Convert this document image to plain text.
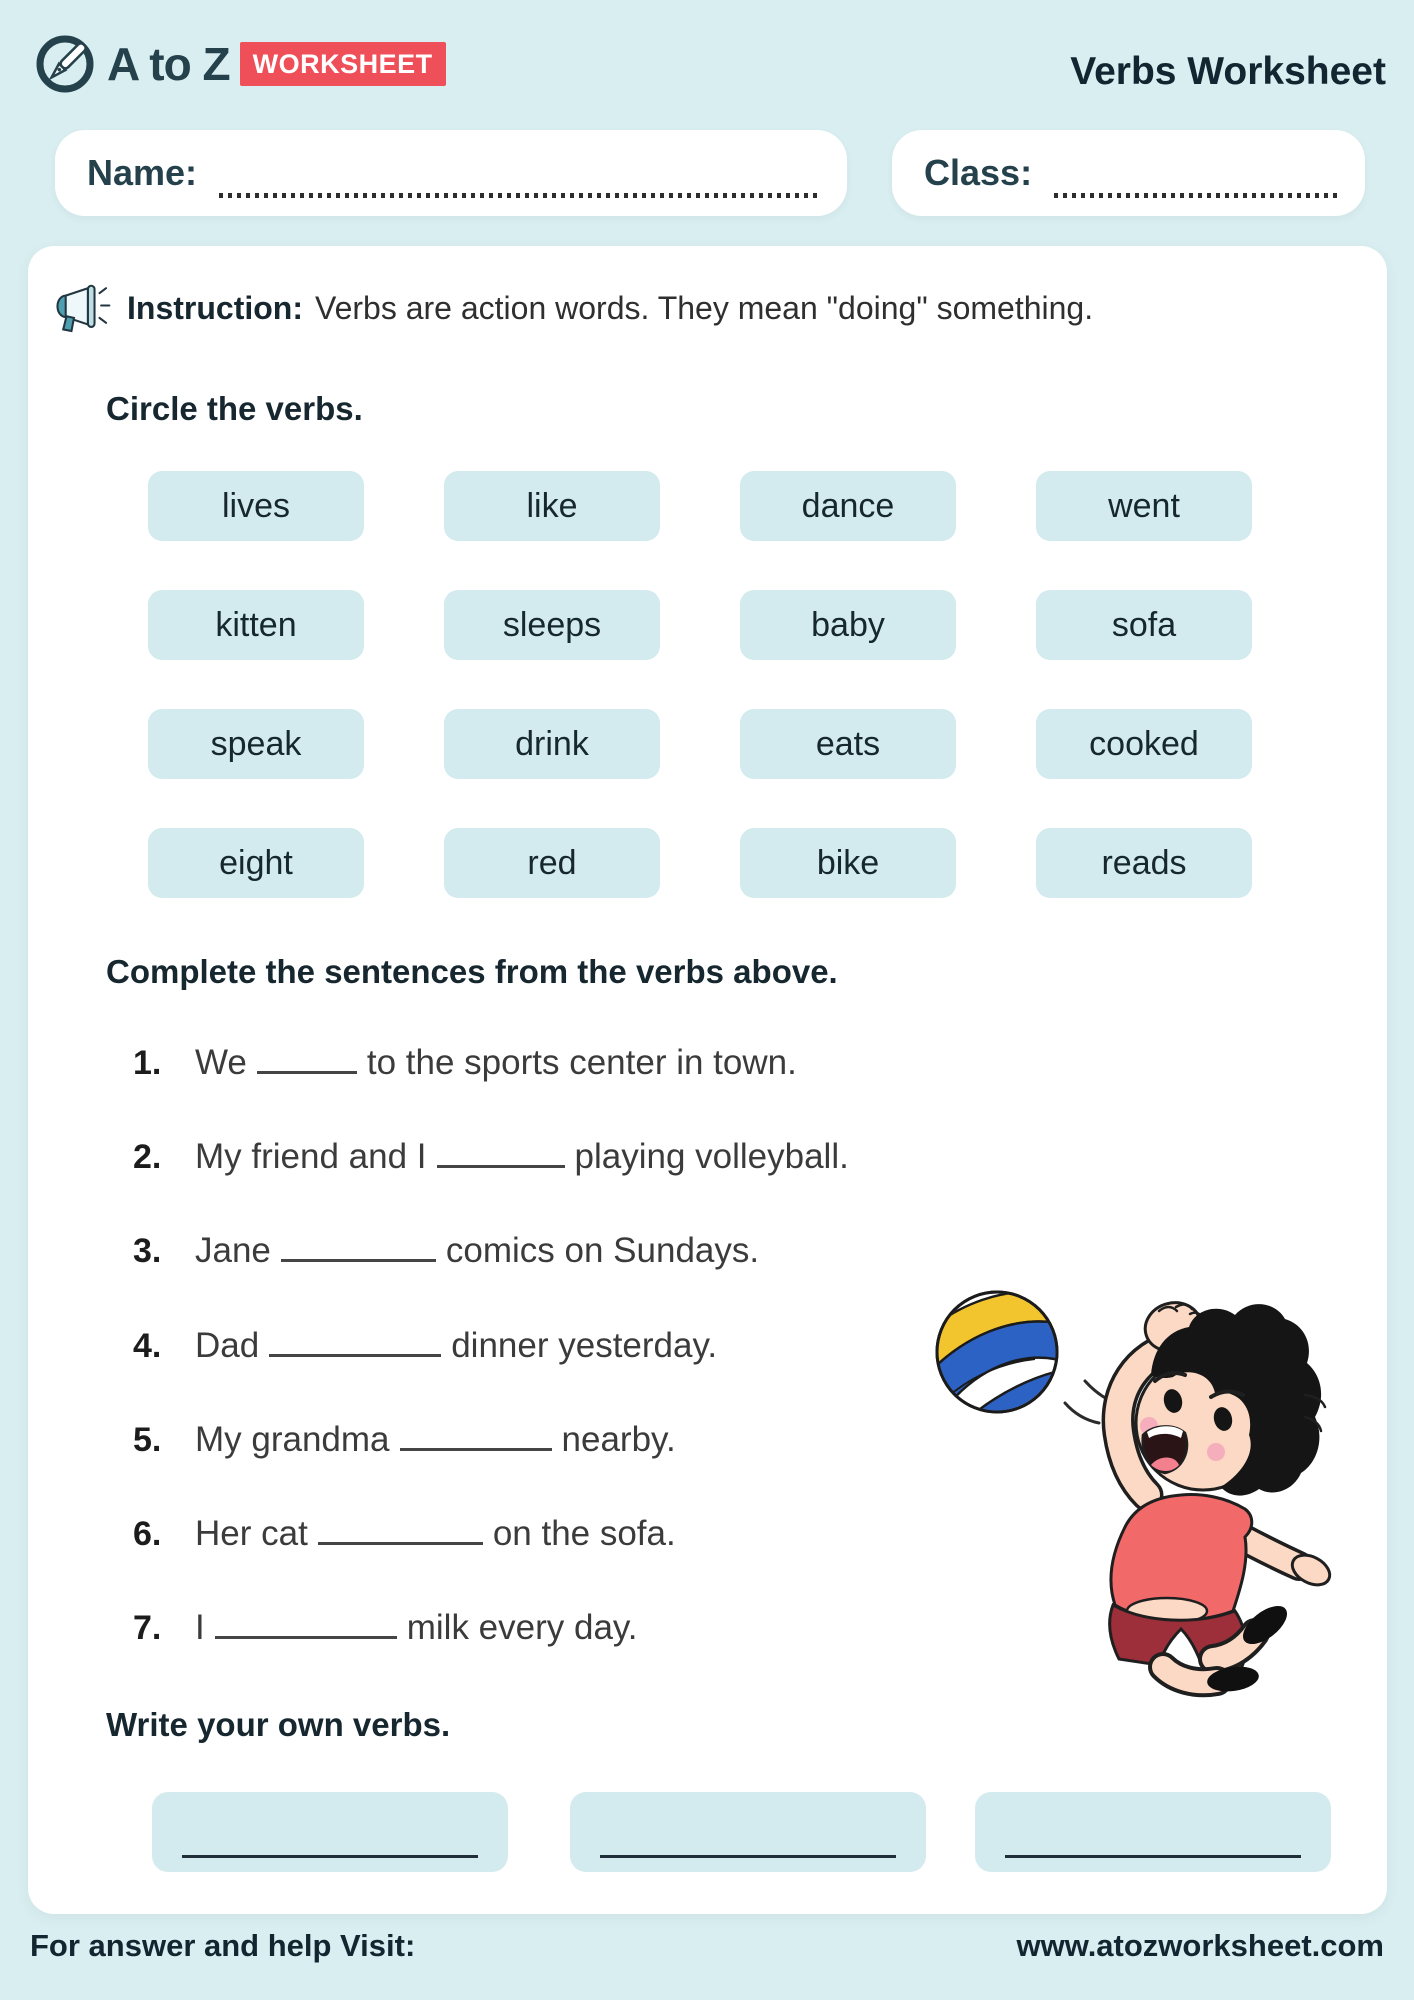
A to Z WORKSHEET	Verbs Worksheet
Name:	Class:
Instruction: Verbs are action words. They mean "doing" something.
Circle the verbs.
lives	like	dance	went
kitten	sleeps	baby	sofa
speak	drink	eats	cooked
eight	red	bike	reads
Complete the sentences from the verbs above.
1. We	to the sports center in town.
2. My friend and I	playing volleyball.
3. Jane	comics on Sundays.
4. Dad	dinner yesterday.
5. My grandma	nearby.
6. Her cat	on the sofa.
7. I	milk every day.
Write your own verbs.
For answer and help Visit:	www.atozworksheet.com
